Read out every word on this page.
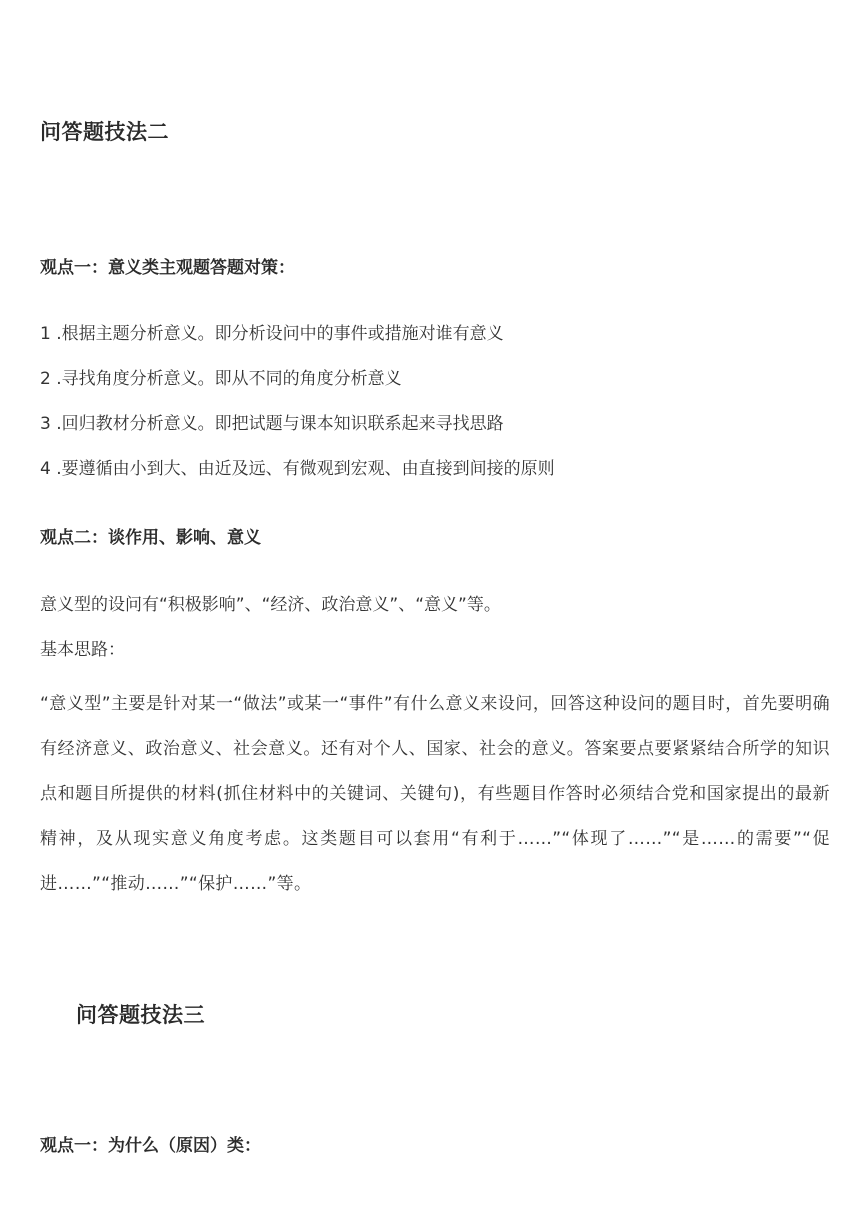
问答题技法二
观点一：意义类主观题答题对策：

1 .根据主题分析意义。即分析设问中的事件或措施对谁有意义

2 .寻找角度分析意义。即从不同的角度分析意义

3 .回归教材分析意义。即把试题与课本知识联系起来寻找思路

4 .要遵循由小到大、由近及远、有微观到宏观、由直接到间接的原则

观点二：谈作用、影响、意义

意义型的设问有“积极影响”、“经济、政治意义”、“意义”等。

基本思路：

“意义型”主要是针对某一“做法”或某一“事件”有什么意义来设问，回答这种设问的题目时，首先要明确有经济意义、政治意义、社会意义。还有对个人、国家、社会的意义。答案要点要紧紧结合所学的知识点和题目所提供的材料(抓住材料中的关键词、关键句)，有些题目作答时必须结合党和国家提出的最新精神，及从现实意义角度考虑。这类题目可以套用“有利于……”“体现了……”“是……的需要”“促进……”“推动……”“保护……”等。

问答题技法三
观点一：为什么（原因）类：
